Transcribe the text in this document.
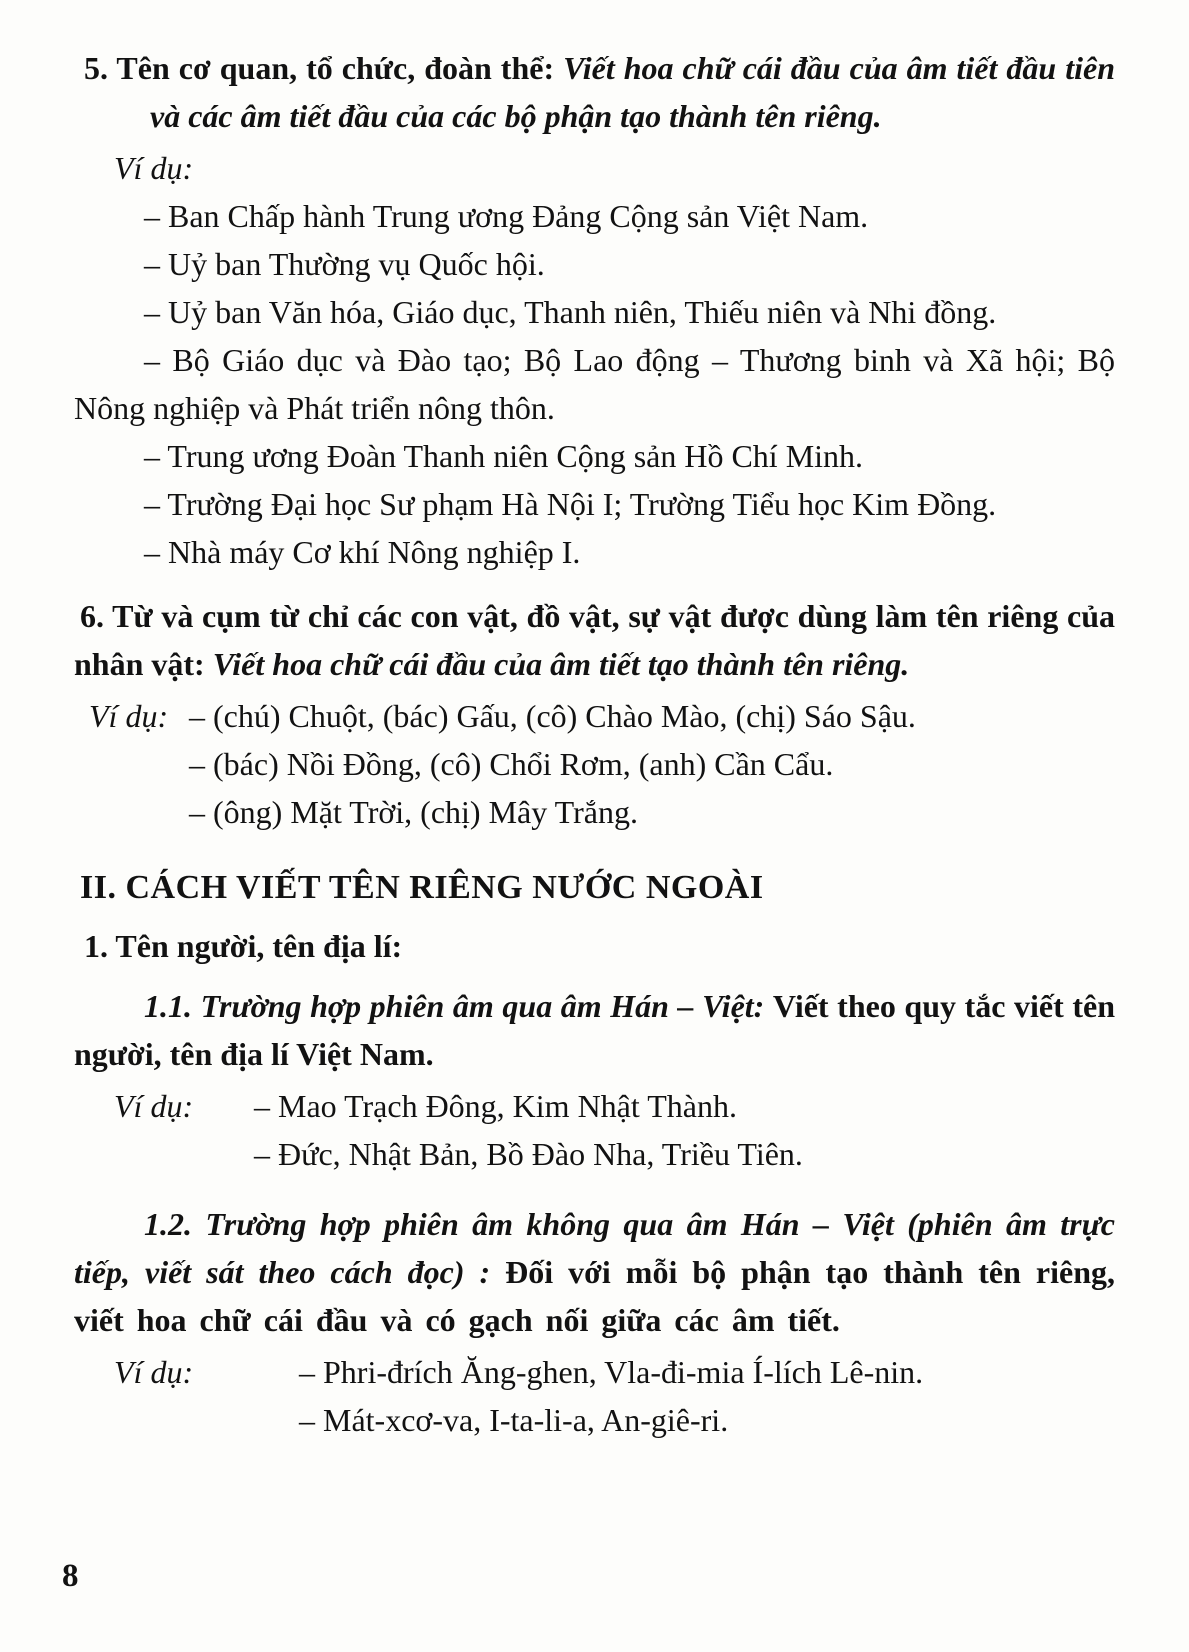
5. Tên cơ quan, tổ chức, đoàn thể: Viết hoa chữ cái đầu của âm tiết đầu tiên và các âm tiết đầu của các bộ phận tạo thành tên riêng.

Ví dụ:

– Ban Chấp hành Trung ương Đảng Cộng sản Việt Nam.

– Uỷ ban Thường vụ Quốc hội.

– Uỷ ban Văn hóa, Giáo dục, Thanh niên, Thiếu niên và Nhi đồng.

– Bộ Giáo dục và Đào tạo; Bộ Lao động – Thương binh và Xã hội; Bộ Nông nghiệp và Phát triển nông thôn.

– Trung ương Đoàn Thanh niên Cộng sản Hồ Chí Minh.

– Trường Đại học Sư phạm Hà Nội I; Trường Tiểu học Kim Đồng.

– Nhà máy Cơ khí Nông nghiệp I.

6. Từ và cụm từ chỉ các con vật, đồ vật, sự vật được dùng làm tên riêng của nhân vật: Viết hoa chữ cái đầu của âm tiết tạo thành tên riêng.

Ví dụ: – (chú) Chuột, (bác) Gấu, (cô) Chào Mào, (chị) Sáo Sậu.

– (bác) Nồi Đồng, (cô) Chổi Rơm, (anh) Cần Cẩu.

– (ông) Mặt Trời, (chị) Mây Trắng.

II. CÁCH VIẾT TÊN RIÊNG NƯỚC NGOÀI

1. Tên người, tên địa lí:

1.1. Trường hợp phiên âm qua âm Hán – Việt: Viết theo quy tắc viết tên người, tên địa lí Việt Nam.

Ví dụ:	– Mao Trạch Đông, Kim Nhật Thành.

– Đức, Nhật Bản, Bồ Đào Nha, Triều Tiên.

1.2. Trường hợp phiên âm không qua âm Hán – Việt (phiên âm trực tiếp, viết sát theo cách đọc) : Đối với mỗi bộ phận tạo thành tên riêng, viết hoa chữ cái đầu và có gạch nối giữa các âm tiết.

Ví dụ:	– Phri-đrích Ăng-ghen, Vla-đi-mia Í-lích Lê-nin.

– Mát-xcơ-va, I-ta-li-a, An-giê-ri.

8
